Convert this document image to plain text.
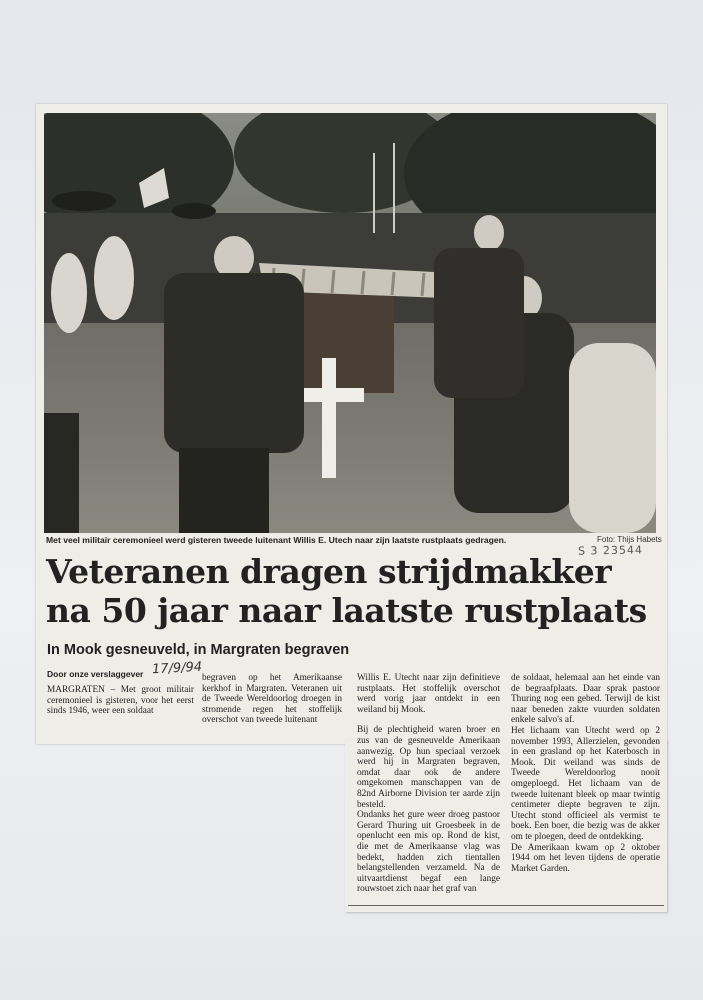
Met veel militair ceremonieel werd gisteren tweede luitenant Willis E. Utech naar zijn laatste rustplaats gedragen.	Foto: Thijs Habets
S 3 23544
Veteranen dragen strijdmakker
na 50 jaar naar laatste rustplaats
In Mook gesneuveld, in Margraten begraven
Door onze verslaggever 17/9/94

MARGRATEN – Met groot militair ceremonieel is gisteren, voor het eerst sinds 1946, weer een soldaat

begraven op het Amerikaanse kerkhof in Margraten. Veteranen uit de Tweede Wereldoorlog droegen in stromende regen het stoffelijk overschot van tweede luitenant

Willis E. Utecht naar zijn definitieve rustplaats. Het stoffelijk overschot werd vorig jaar ontdekt in een weiland bij Mook.

Bij de plechtigheid waren broer en zus van de gesneuvelde Amerikaan aanwezig. Op hun speciaal verzoek werd hij in Margraten begraven, omdat daar ook de andere omgekomen manschappen van de 82nd Airborne Division ter aarde zijn besteld.

Ondanks het gure weer droeg pastoor Gerard Thuring uit Groesbeek in de openlucht een mis op. Rond de kist, die met de Amerikaanse vlag was bedekt, hadden zich tientallen belangstellenden verzameld. Na de uitvaartdienst begaf een lange rouwstoet zich naar het graf van

de soldaat, helemaal aan het einde van de begraafplaats. Daar sprak pastoor Thuring nog een gebed. Terwijl de kist naar beneden zakte vuurden soldaten enkele salvo's af.

Het lichaam van Utecht werd op 2 november 1993, Allerzielen, gevonden in een grasland op het Katerbosch in Mook. Dit weiland was sinds de Tweede Wereldoorlog nooit omgeploegd. Het lichaam van de tweede luitenant bleek op maar twintig centimeter diepte begraven te zijn. Utecht stond officieel als vermist te boek. Een boer, die bezig was de akker om te ploegen, deed de ontdekking.

De Amerikaan kwam op 2 oktober 1944 om het leven tijdens de operatie Market Garden.
